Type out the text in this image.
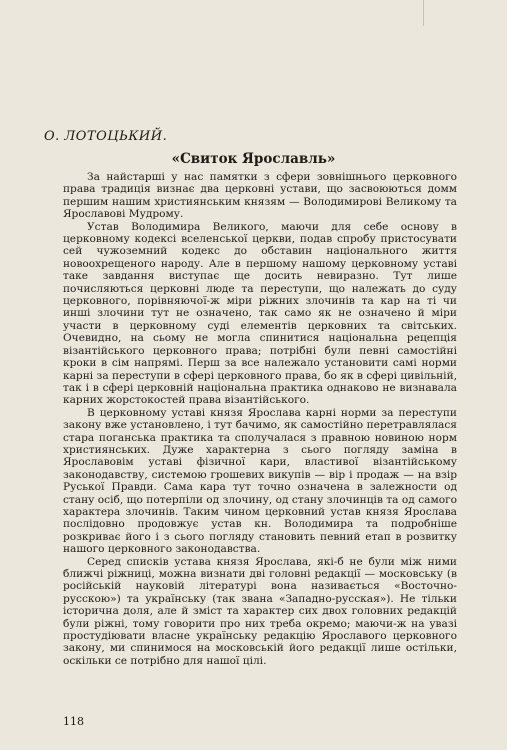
О. ЛОТОЦЬКИЙ.
«Свиток Ярославль»

За найстарші у нас памятки з сфери зовнішнього церковного права традиція визнає два церковні устави, що засвоюються домм першим нашим християнським князям — Володимирові Великому та Ярославові Мудрому.

Устав Володимира Великого, маючи для себе основу в церковному кодексі вселенської церкви, подав спробу пристосувати сей чужоземний кодекс до обставин національного життя новоохрещеного народу. Але в першому нашому церковному уставі таке завдання виступає ще досить невиразно. Тут лише почисляються церковні люде та переступи, що належать до суду церковного, порівняючої-ж міри ріжних злочинів та кар на ті чи инші злочини тут не означено, так само як не означено й міри участи в церковному суді елементів церковних та світських. Очевидно, на сьому не могла спинитися національна рецепція візантійського церковного права; потрібні були певні самостійні кроки в сім напрямі. Перш за все належало установити самі норми карні за переступи в сфері церковного права, бо як в сфері цивільній, так і в сфері церковній національна практика однаково не визнавала карних жорстокостей права візантійського.

В церковному уставі князя Ярослава карні норми за переступи закону вже установлено, і тут бачимо, як самостійно перетравлялася стара поганська практика та сполучалася з правною новиною норм християнських. Дуже характерна з сього погляду заміна в Ярославовім уставі фізичної кари, властивої візантійському законодавству, системою грошевих викупів — вір і продаж — на взір Руської Правди. Сама кара тут точно означена в залежности од стану осіб, що потерпіли од злочину, од стану злочинців та од самого характера злочинів. Таким чином церковний устав князя Ярослава послідовно продовжує устав кн. Володимира та подробніше розкриває його і з сього погляду становить певний етап в розвитку нашого церковного законодавства.

Серед списків устава князя Ярослава, які-б не були між ними ближчі ріжниці, можна визнати дві головні редакції — московську (в російській науковій літературі вона називається «Восточно-русскою») та українську (так звана «Западно-русская»). Не тільки історична доля, але й зміст та характер сих двох головних редакцій були ріжні, тому говорити про них треба окремо; маючи-ж на увазі простудіювати власне українську редакцію Ярославого церковного закону, ми спинимося на московській його редакції лише остільки, оскільки се потрібно для нашої цілі.

118
